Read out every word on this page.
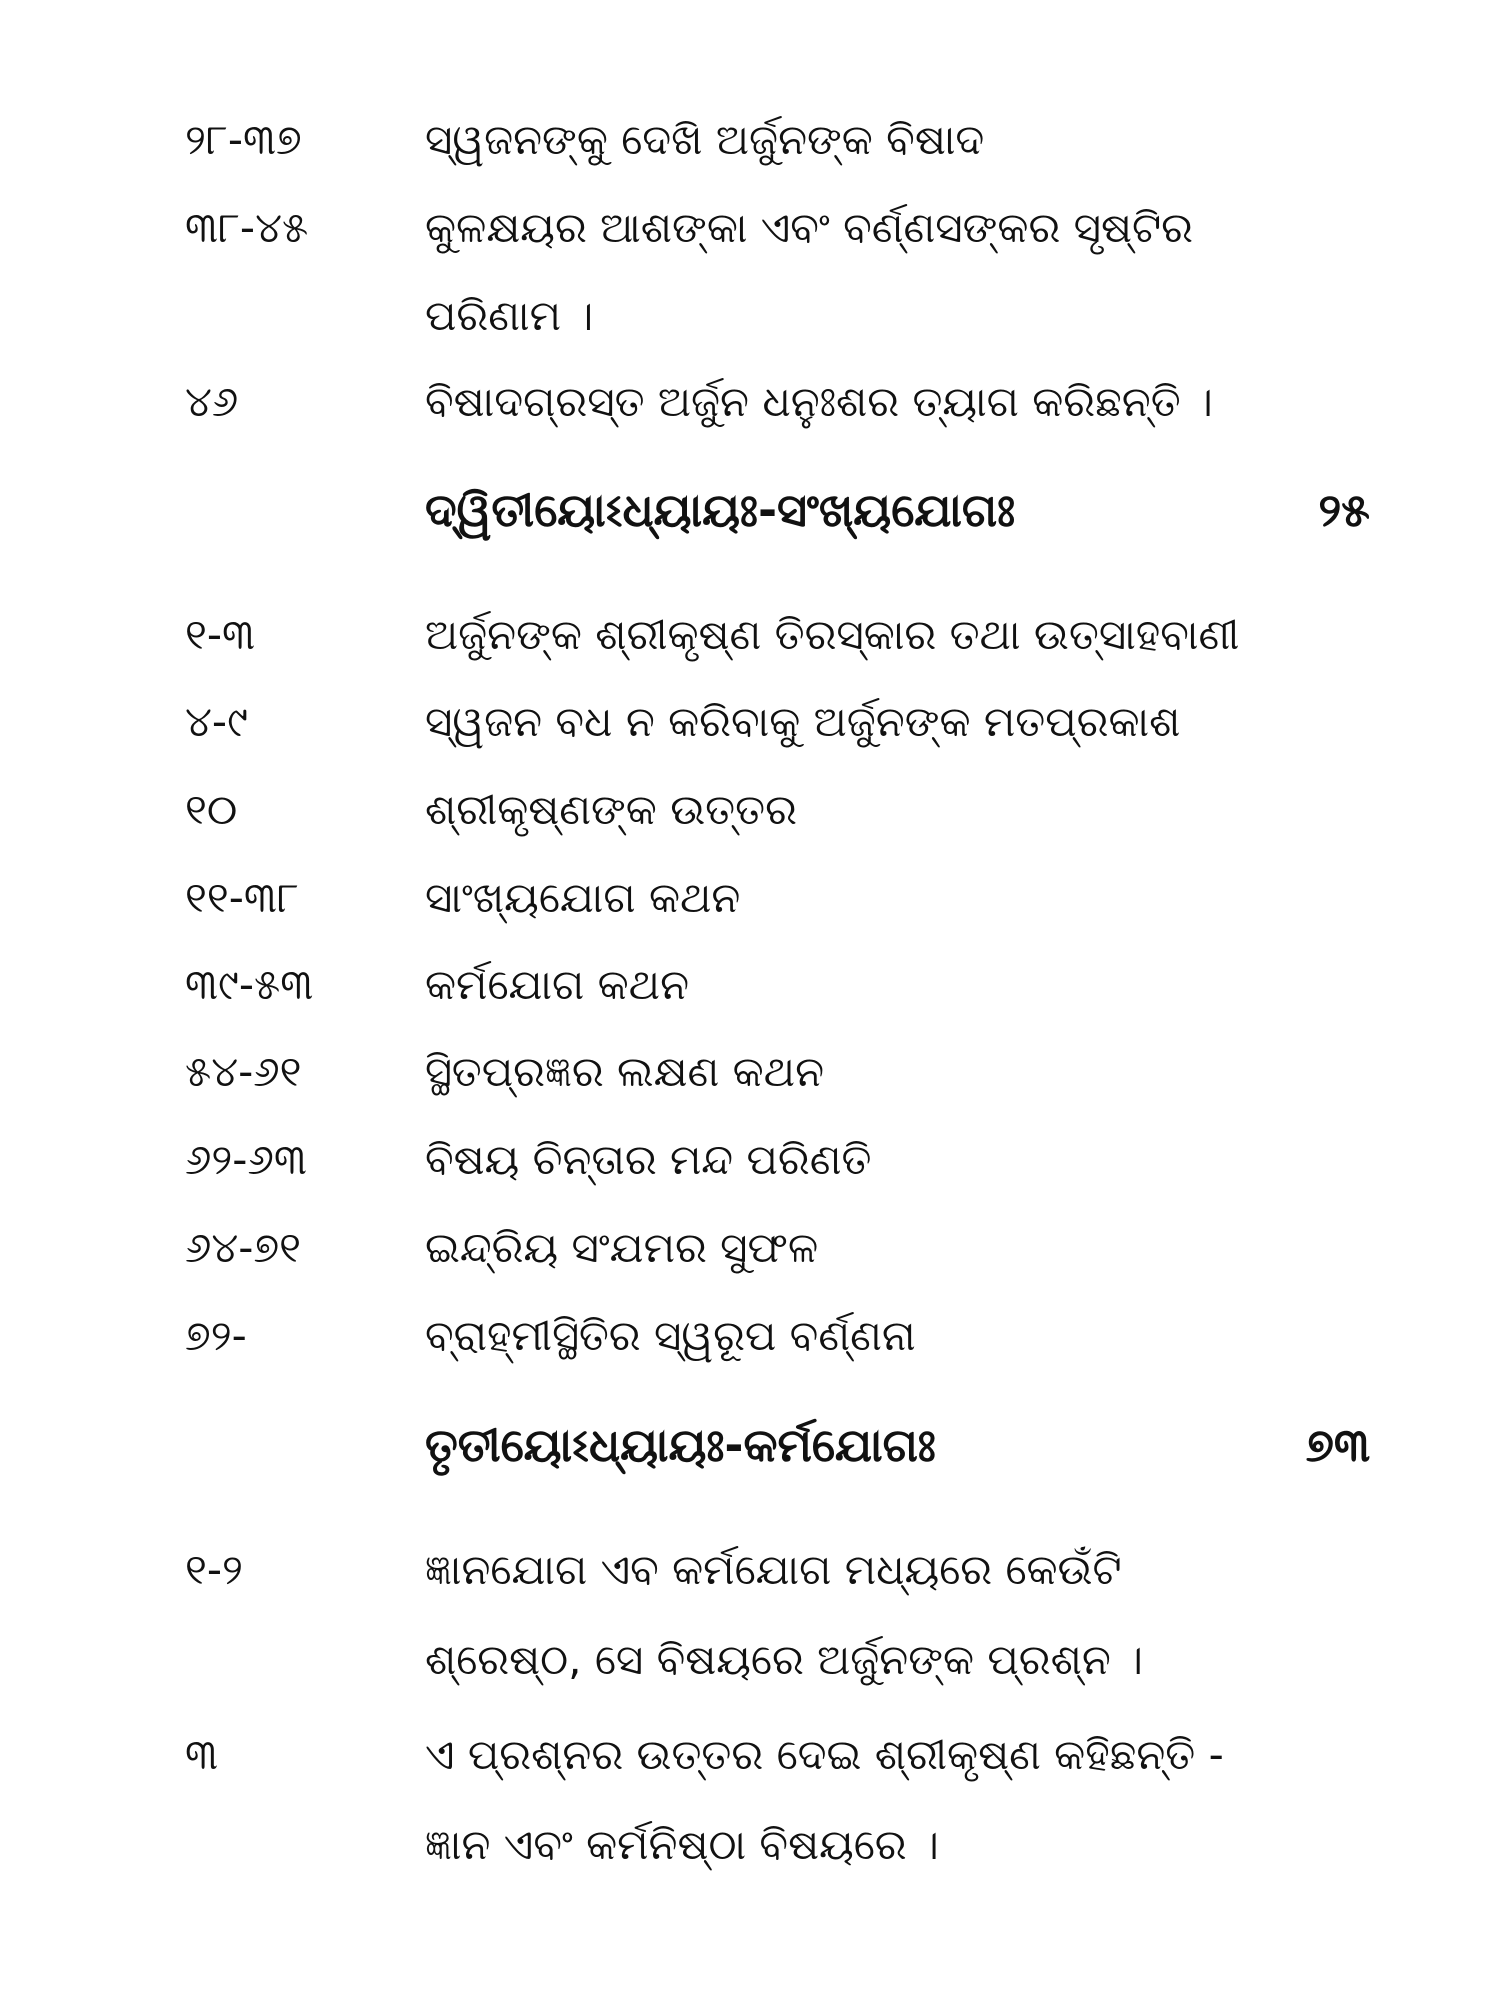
୨୮-୩୭	ସ୍ୱଜନଙ୍କୁ ଦେଖି ଅର୍ଜୁନଙ୍କ ବିଷାଦ
୩୮-୪୫	କୁଳକ୍ଷୟର ଆଶଙ୍କା ଏବଂ ବର୍ଣ୍ଣସଙ୍କର ସୃଷ୍ଟିର
ପରିଣାମ ।
୪୬	ବିଷାଦଗ୍ରସ୍ତ ଅର୍ଜୁନ ଧନୁଃଶର ତ୍ୟାଗ କରିଛନ୍ତି ।
ଦ୍ୱିତୀୟୋଽଧ୍ୟାୟଃ-ସଂଖ୍ୟଯୋଗଃ	୨୫
୧-୩	ଅର୍ଜୁନଙ୍କ ଶ୍ରୀକୃଷ୍ଣ ତିରସ୍କାର ତଥା ଉତ୍ସାହବାଣୀ
୪-୯	ସ୍ୱଜନ ବଧ ନ କରିବାକୁ ଅର୍ଜୁନଙ୍କ ମତପ୍ରକାଶ
୧୦	ଶ୍ରୀକୃଷ୍ଣଙ୍କ ଉତ୍ତର
୧୧-୩୮	ସାଂଖ୍ୟଯୋଗ କଥନ
୩୯-୫୩	କର୍ମଯୋଗ କଥନ
୫୪-୬୧	ସ୍ଥିତପ୍ରଜ୍ଞର ଲକ୍ଷଣ କଥନ
୬୨-୬୩	ବିଷୟ ଚିନ୍ତାର ମନ୍ଦ ପରିଣତି
୬୪-୭୧	ଇନ୍ଦ୍ରିୟ ସଂଯମର ସୁଫଳ
୭୨-	ବ୍ରାହ୍ମୀସ୍ଥିତିର ସ୍ୱରୂପ ବର୍ଣ୍ଣନା
ତୃତୀୟୋଽଧ୍ୟାୟଃ-କର୍ମଯୋଗଃ	୭୩
୧-୨	ଜ୍ଞାନଯୋଗ ଏବ କର୍ମଯୋଗ ମଧ୍ୟରେ କେଉଁଟି
ଶ୍ରେଷ୍ଠ, ସେ ବିଷୟରେ ଅର୍ଜୁନଙ୍କ ପ୍ରଶ୍ନ ।
୩	ଏ ପ୍ରଶ୍ନର ଉତ୍ତର ଦେଇ ଶ୍ରୀକୃଷ୍ଣ କହିଛନ୍ତି -
ଜ୍ଞାନ ଏବଂ କର୍ମନିଷ୍ଠା ବିଷୟରେ ।
